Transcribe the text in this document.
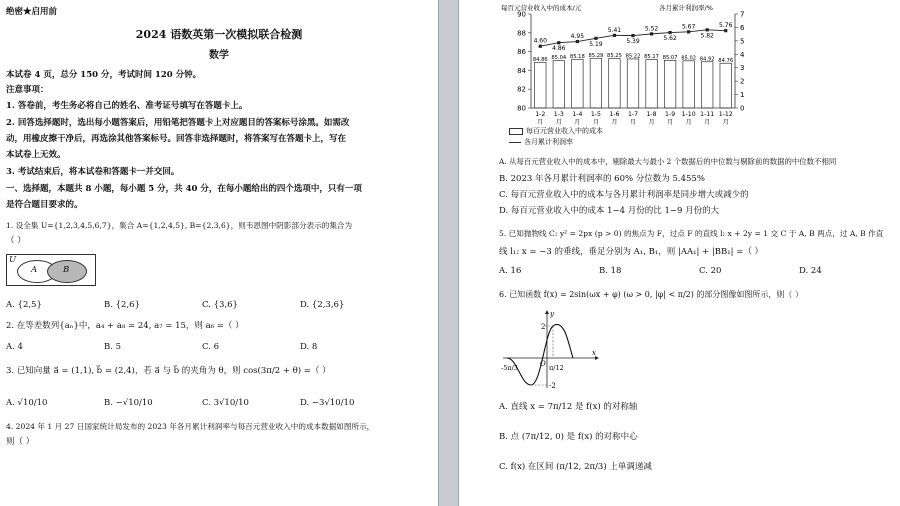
绝密★启用前
2024 语数英第一次模拟联合检测
数学
本试卷 4 页，总分 150 分，考试时间 120 分钟。
注意事项：
1. 答卷前，考生务必将自己的姓名、准考证号填写在答题卡上。
2. 回答选择题时，选出每小题答案后，用铅笔把答题卡上对应题目的答案标号涂黑。如需改
动，用橡皮擦干净后，再选涂其他答案标号。回答非选择题时，将答案写在答题卡上，写在
本试卷上无效。
3. 考试结束后，将本试卷和答题卡一并交回。
一、选择题，本题共 8 小题，每小题 5 分，共 40 分，在每小题给出的四个选项中，只有一项
是符合题目要求的。
1. 设全集 U={1,2,3,4,5,6,7}，集合 A={1,2,4,5}, B={2,3,6}，则韦恩图中阴影部分表示的集合为
（ ）
U
A	B
A. {2,5}	B. {2,6}	C. {3,6}	D. {2,3,6}
2. 在等差数列{aₙ}中，a₄ + a₈ = 24, a₇ = 15，则 a₆ =（ ）
A. 4	B. 5	C. 6	D. 8
3. 已知向量 a⃗ = (1,1), b⃗ = (2,4)，若 a⃗ 与 b⃗ 的夹角为 θ，则 cos(3π/2 + θ) =（ ）
A. √10/10	B. −√10/10	C. 3√10/10	D. −3√10/10
4. 2024 年 1 月 27 日国家统计局发布的 2023 年各月累计利润率与每百元营业收入中的成本数据如图所示，
则（ ）
每百元营业收入中的成本/元	各月累计利润率/%
84.86
1-2
月
85.04
1-3
月
85.18
1-4
月
85.29
1-5
月
85.25
1-6
月
85.22
1-7
月
85.17
1-8
月
85.07
1-9
月
85.02
1-10
月
84.92
1-11
月
84.76
1-12
月
4.60
4.86
4.95
5.19
5.41
5.39
5.52
5.62
5.67
5.82
5.76
80
82
84
86
88
90
0
1
2
3
4
5
6
7
每百元营业收入中的成本
各月累计利润率
A. 从每百元营业收入中的成本中，剔除最大与最小 2 个数据后的中位数与剔除前的数据的中位数不相同
B. 2023 年各月累计利润率的 60% 分位数为 5.455%
C. 每百元营业收入中的成本与各月累计利润率是同步增大或减少的
D. 每百元营业收入中的成本 1−4 月份的比 1−9 月份的大
5. 已知抛物线 C: y² = 2px (p > 0) 的焦点为 F，过点 F 的直线 l: x + 2y = 1 交 C 于 A, B 两点，过 A, B 作直
线 l₁: x = −3 的垂线，垂足分别为 A₁, B₁，则 |AA₁| + |BB₁| =（ ）
A. 16	B. 18	C. 20	D. 24
6. 已知函数 f(x) = 2sin(ωx + φ) (ω > 0, |φ| < π/2) 的部分图像如图所示，则（ ）
y
x
O
2
-2
-5π/3	π/12
A. 直线 x = 7π/12 是 f(x) 的对称轴
B. 点 (7π/12, 0) 是 f(x) 的对称中心
C. f(x) 在区间 (π/12, 2π/3) 上单调递减
